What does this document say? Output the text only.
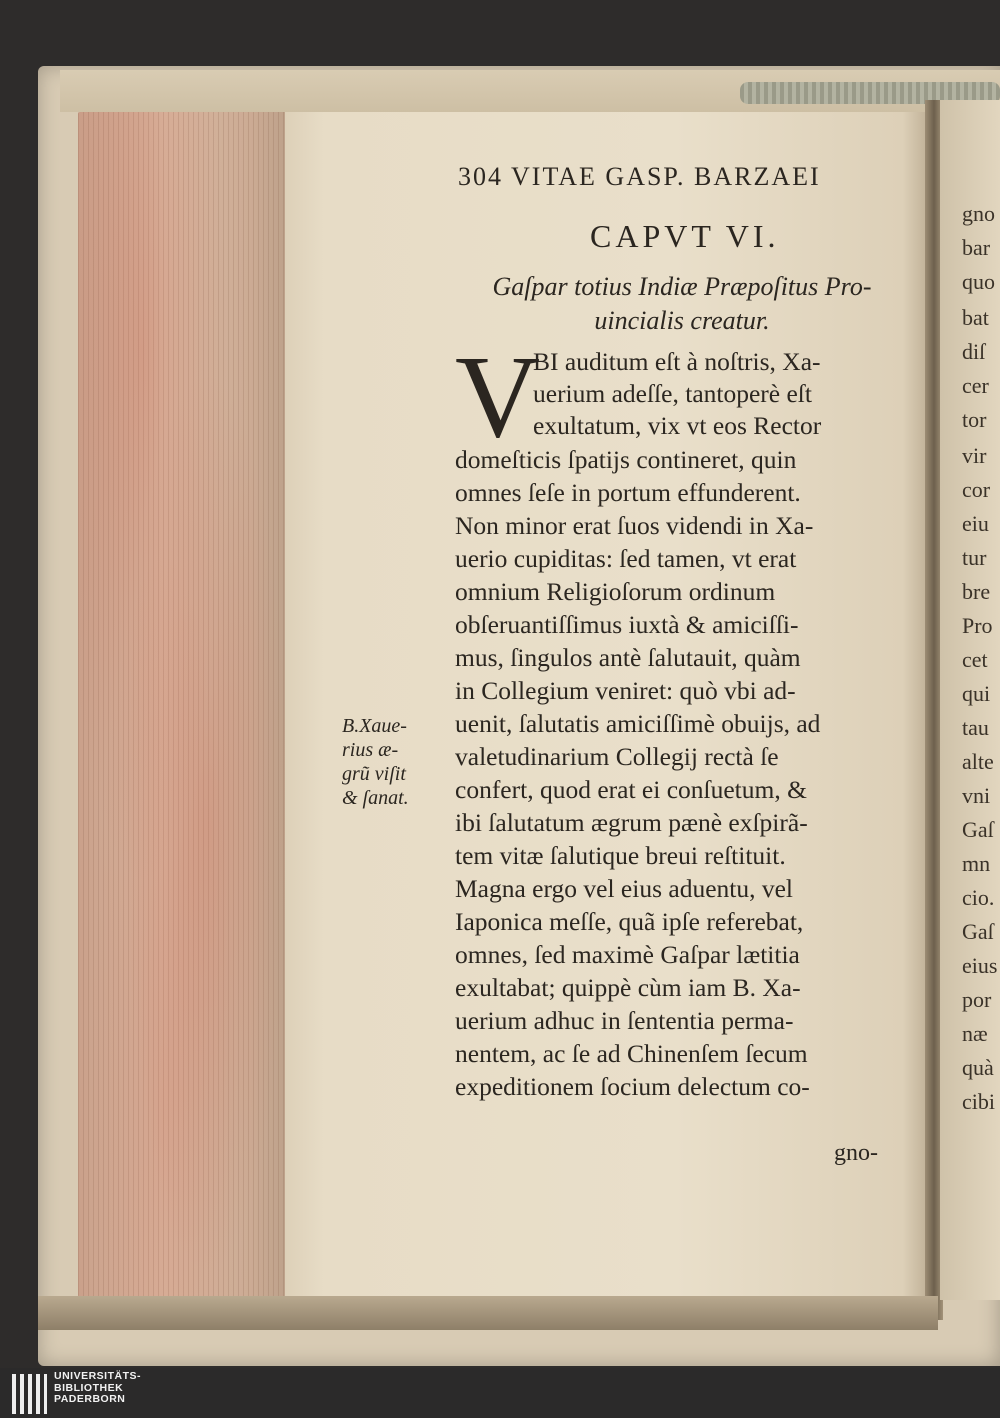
304 VITAE GASP. BARZAEI
CAPVT VI.
Gaſpar totius Indiæ Præpoſitus Pro-uincialis creatur.
V
BI auditum eſt à noſtris, Xa-
uerium adeſſe, tantoperè eſt
exultatum, vix vt eos Rector
domeſticis ſpatijs contineret, quin
omnes ſeſe in portum effunderent.
Non minor erat ſuos videndi in Xa-
uerio cupiditas: ſed tamen, vt erat
omnium Religioſorum ordinum
obſeruantiſſimus iuxtà & amiciſſi-
mus, ſingulos antè ſalutauit, quàm
in Collegium veniret: quò vbi ad-
uenit, ſalutatis amiciſſimè obuijs, ad
valetudinarium Collegij rectà ſe
confert, quod erat ei conſuetum, &
ibi ſalutatum ægrum pænè exſpirã-
tem vitæ ſalutique breui reſtituit.
Magna ergo vel eius aduentu, vel
Iaponica meſſe, quã ipſe referebat,
omnes, ſed maximè Gaſpar lætitia
exultabat; quippè cùm iam B. Xa-
uerium adhuc in ſententia perma-
nentem, ac ſe ad Chinenſem ſecum
expeditionem ſocium delectum co-
gno-
B.Xaue-
rius æ-
grũ viſit
& ſanat.
gno
bar
quo
bat
diſ
cer
tor
vir
cor
eiu
tur
bre
Pro
cet
qui
tau
alte
vni
Gaſ
mn
cio.
Gaſ
eius
por
næ
quà
cibi
UNIVERSITÄTS-
BIBLIOTHEK
PADERBORN
